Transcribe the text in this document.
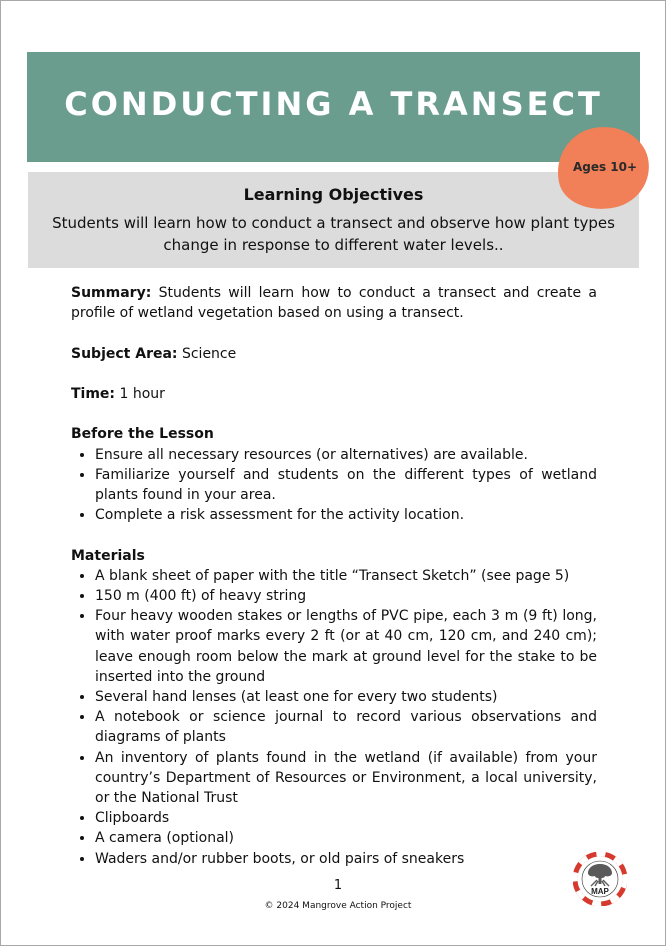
CONDUCTING A TRANSECT
Learning Objectives

Students will learn how to conduct a transect and observe how plant types change in response to different water levels..

Ages 10+

Summary: Students will learn how to conduct a transect and create a profile of wetland vegetation based on using a transect.

Subject Area: Science

Time: 1 hour

Before the Lesson
• Ensure all necessary resources (or alternatives) are available.
• Familiarize yourself and students on the different types of wetland plants found in your area.
• Complete a risk assessment for the activity location.
Materials
• A blank sheet of paper with the title “Transect Sketch” (see page 5)
• 150 m (400 ft) of heavy string
• Four heavy wooden stakes or lengths of PVC pipe, each 3 m (9 ft) long, with water proof marks every 2 ft (or at 40 cm, 120 cm, and 240 cm); leave enough room below the mark at ground level for the stake to be inserted into the ground
• Several hand lenses (at least one for every two students)
• A notebook or science journal to record various observations and diagrams of plants
• An inventory of plants found in the wetland (if available) from your country’s Department of Resources or Environment, a local university, or the National Trust
• Clipboards
• A camera (optional)
• Waders and/or rubber boots, or old pairs of sneakers
1
© 2024 Mangrove Action Project
MAP
